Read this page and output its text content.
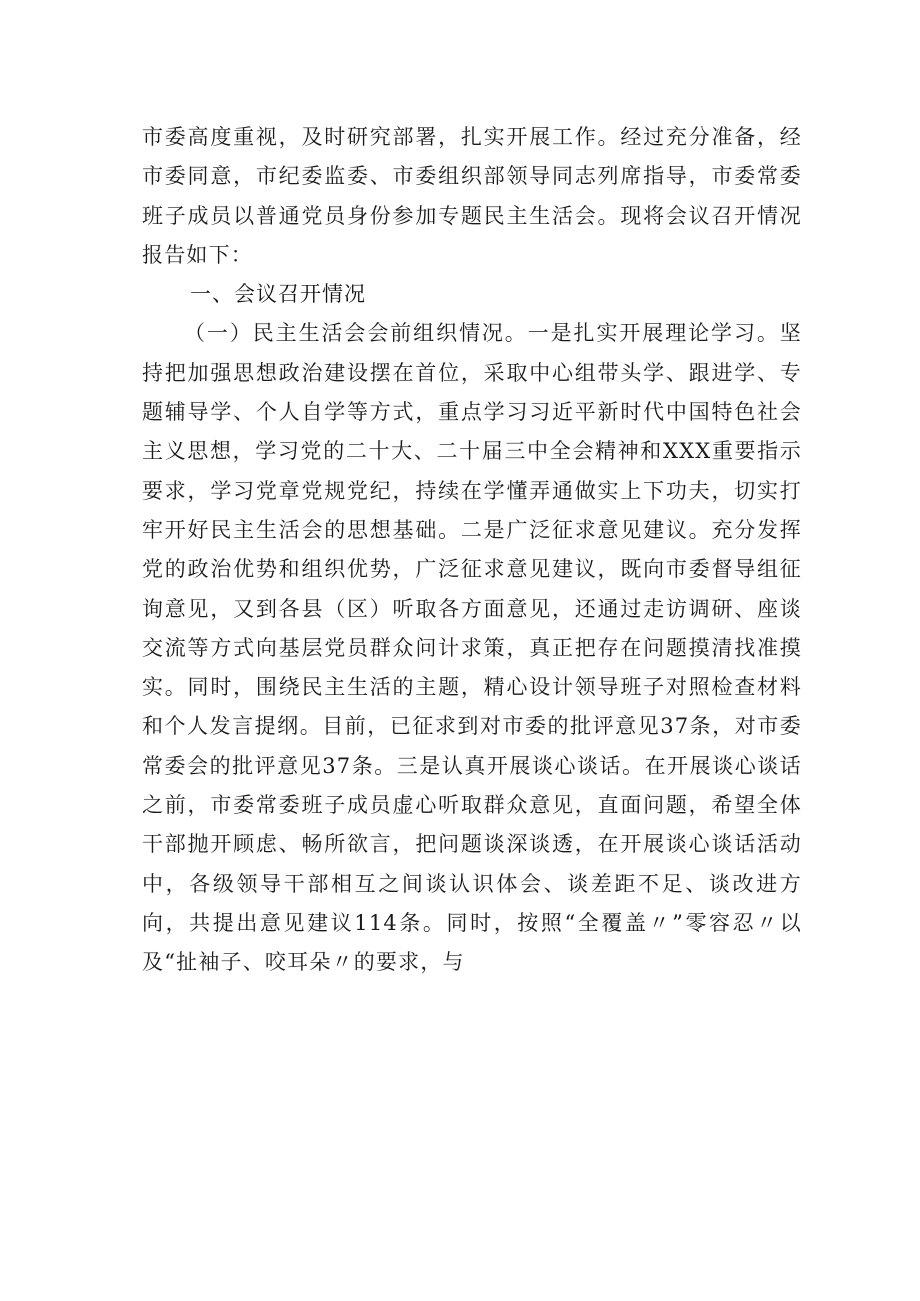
市委高度重视，及时研究部署，扎实开展工作。经过充分准备，经市委同意，市纪委监委、市委组织部领导同志列席指导，市委常委班子成员以普通党员身份参加专题民主生活会。现将会议召开情况报告如下：

一、会议召开情况

（一）民主生活会会前组织情况。一是扎实开展理论学习。坚持把加强思想政治建设摆在首位，采取中心组带头学、跟进学、专题辅导学、个人自学等方式，重点学习习近平新时代中国特色社会主义思想，学习党的二十大、二十届三中全会精神和XXX重要指示要求，学习党章党规党纪，持续在学懂弄通做实上下功夫，切实打牢开好民主生活会的思想基础。二是广泛征求意见建议。充分发挥党的政治优势和组织优势，广泛征求意见建议，既向市委督导组征询意见，又到各县（区）听取各方面意见，还通过走访调研、座谈交流等方式向基层党员群众问计求策，真正把存在问题摸清找准摸实。同时，围绕民主生活的主题，精心设计领导班子对照检查材料和个人发言提纲。目前，已征求到对市委的批评意见37条，对市委常委会的批评意见37条。三是认真开展谈心谈话。在开展谈心谈话之前，市委常委班子成员虚心听取群众意见，直面问题，希望全体干部抛开顾虑、畅所欲言，把问题谈深谈透，在开展谈心谈话活动中，各级领导干部相互之间谈认识体会、谈差距不足、谈改进方向，共提出意见建议114条。同时，按照“全覆盖〃”零容忍〃以及“扯袖子、咬耳朵〃的要求，与
